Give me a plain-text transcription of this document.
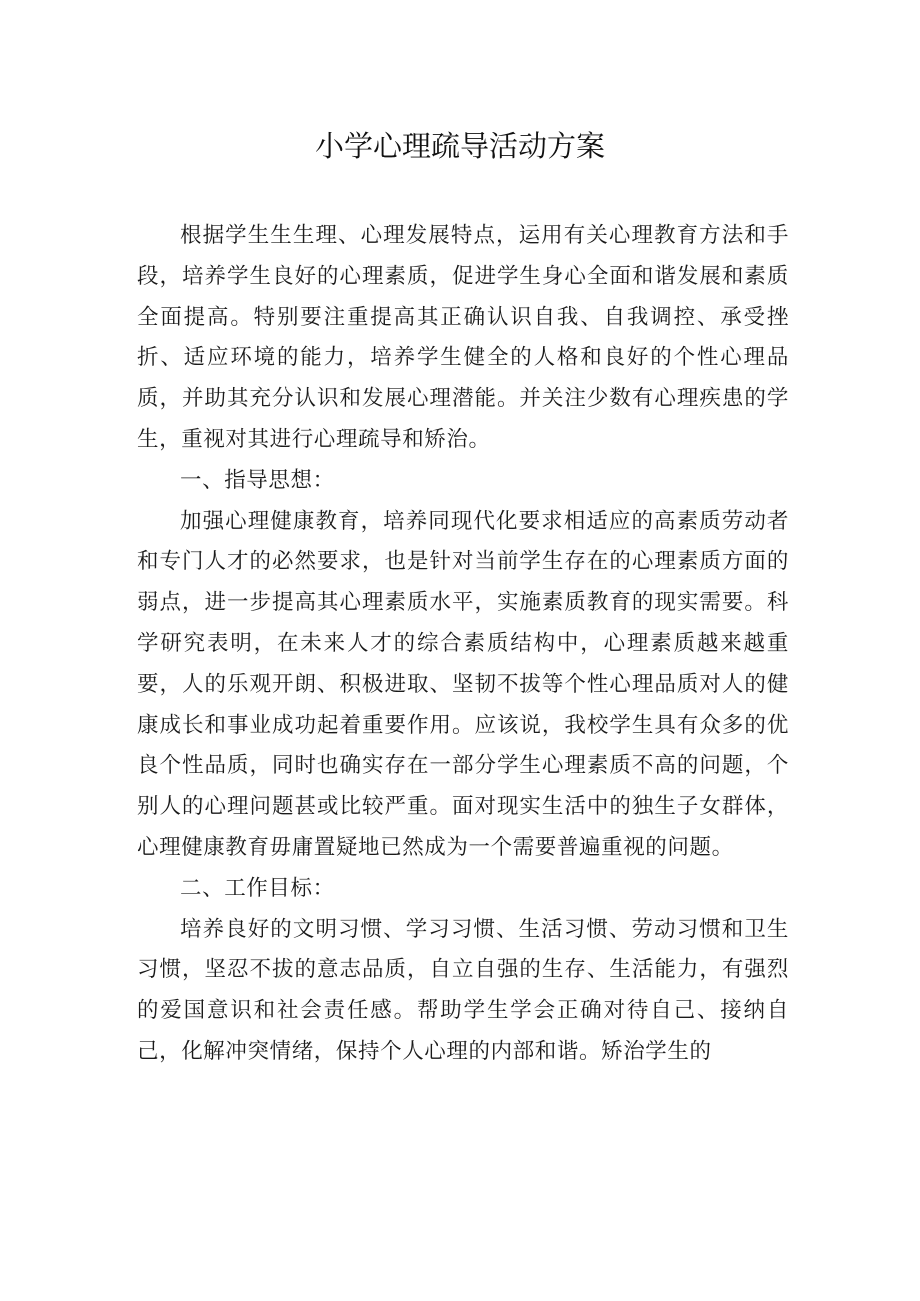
小学心理疏导活动方案

根据学生生生理、心理发展特点，运用有关心理教育方法和手段，培养学生良好的心理素质，促进学生身心全面和谐发展和素质全面提高。特别要注重提高其正确认识自我、自我调控、承受挫折、适应环境的能力，培养学生健全的人格和良好的个性心理品质，并助其充分认识和发展心理潜能。并关注少数有心理疾患的学生，重视对其进行心理疏导和矫治。

一、指导思想：

加强心理健康教育，培养同现代化要求相适应的高素质劳动者和专门人才的必然要求，也是针对当前学生存在的心理素质方面的弱点，进一步提高其心理素质水平，实施素质教育的现实需要。科学研究表明，在未来人才的综合素质结构中，心理素质越来越重要，人的乐观开朗、积极进取、坚韧不拔等个性心理品质对人的健康成长和事业成功起着重要作用。应该说，我校学生具有众多的优良个性品质，同时也确实存在一部分学生心理素质不高的问题，个别人的心理问题甚或比较严重。面对现实生活中的独生子女群体，心理健康教育毋庸置疑地已然成为一个需要普遍重视的问题。

二、工作目标：

培养良好的文明习惯、学习习惯、生活习惯、劳动习惯和卫生习惯，坚忍不拔的意志品质，自立自强的生存、生活能力，有强烈的爱国意识和社会责任感。帮助学生学会正确对待自己、接纳自己，化解冲突情绪，保持个人心理的内部和谐。矫治学生的
